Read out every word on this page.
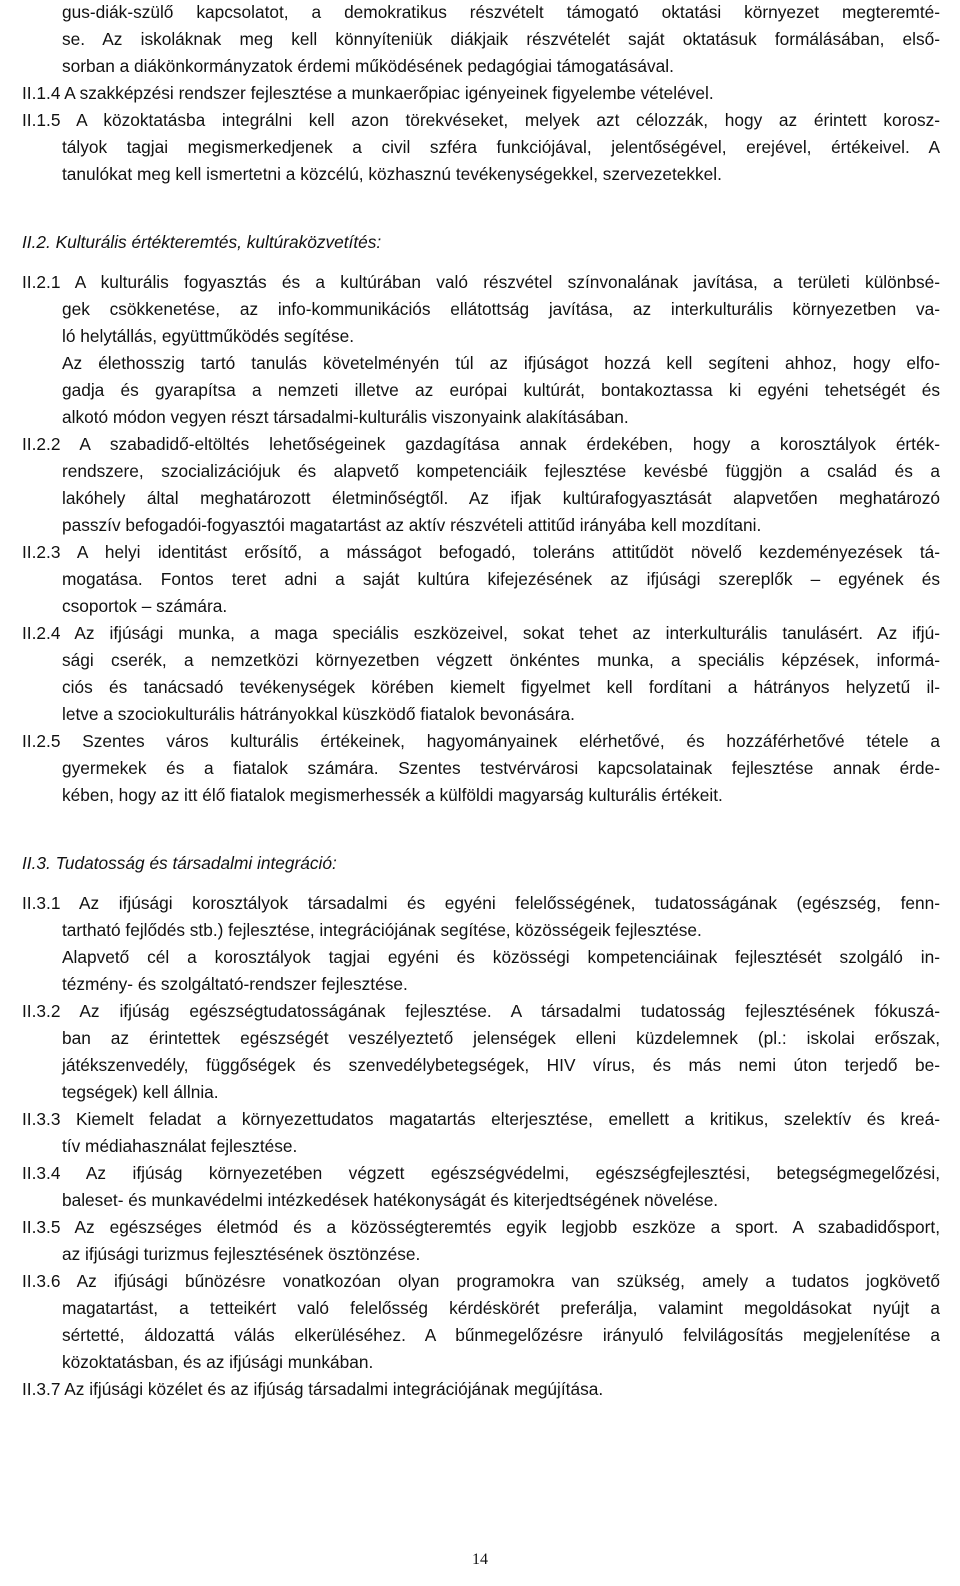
gus-diák-szülő kapcsolatot, a demokratikus részvételt támogató oktatási környezet megteremté-
se. Az iskoláknak meg kell könnyíteniük diákjaik részvételét saját oktatásuk formálásában, első-
sorban a diákönkormányzatok érdemi működésének pedagógiai támogatásával.
II.1.4 A szakképzési rendszer fejlesztése a munkaerőpiac igényeinek figyelembe vételével.
II.1.5 A közoktatásba integrálni kell azon törekvéseket, melyek azt célozzák, hogy az érintett korosz-
tályok tagjai megismerkedjenek a civil szféra funkciójával, jelentőségével, erejével, értékeivel. A
tanulókat meg kell ismertetni a közcélú, közhasznú tevékenységekkel, szervezetekkel.
II.2. Kulturális értékteremtés, kultúraközvetítés:
II.2.1 A kulturális fogyasztás és a kultúrában való részvétel színvonalának javítása, a területi különbsé-
gek csökkenetése, az info-kommunikációs ellátottság javítása, az interkulturális környezetben va-
ló helytállás, együttműködés segítése.
Az élethosszig tartó tanulás követelményén túl az ifjúságot hozzá kell segíteni ahhoz, hogy elfo-
gadja és gyarapítsa a nemzeti illetve az európai kultúrát, bontakoztassa ki egyéni tehetségét és
alkotó módon vegyen részt társadalmi-kulturális viszonyaink alakításában.
II.2.2 A szabadidő-eltöltés lehetőségeinek gazdagítása annak érdekében, hogy a korosztályok érték-
rendszere, szocializációjuk és alapvető kompetenciáik fejlesztése kevésbé függjön a család és a
lakóhely által meghatározott életminőségtől. Az ifjak kultúrafogyasztását alapvetően meghatározó
passzív befogadói-fogyasztói magatartást az aktív részvételi attitűd irányába kell mozdítani.
II.2.3 A helyi identitást erősítő, a másságot befogadó, toleráns attitűdöt növelő kezdeményezések tá-
mogatása. Fontos teret adni a saját kultúra kifejezésének az ifjúsági szereplők – egyének és
csoportok – számára.
II.2.4 Az ifjúsági munka, a maga speciális eszközeivel, sokat tehet az interkulturális tanulásért. Az ifjú-
sági cserék, a nemzetközi környezetben végzett önkéntes munka, a speciális képzések, informá-
ciós és tanácsadó tevékenységek körében kiemelt figyelmet kell fordítani a hátrányos helyzetű il-
letve a szociokulturális hátrányokkal küszködő fiatalok bevonására.
II.2.5 Szentes város kulturális értékeinek, hagyományainek elérhetővé, és hozzáférhetővé tétele a
gyermekek és a fiatalok számára. Szentes testvérvárosi kapcsolatainak fejlesztése annak érde-
kében, hogy az itt élő fiatalok megismerhessék a külföldi magyarság kulturális értékeit.
II.3. Tudatosság és társadalmi integráció:
II.3.1 Az ifjúsági korosztályok társadalmi és egyéni felelősségének, tudatosságának (egészség, fenn-
tartható fejlődés stb.) fejlesztése, integrációjának segítése, közösségeik fejlesztése.
Alapvető cél a korosztályok tagjai egyéni és közösségi kompetenciáinak fejlesztését szolgáló in-
tézmény- és szolgáltató-rendszer fejlesztése.
II.3.2 Az ifjúság egészségtudatosságának fejlesztése. A társadalmi tudatosság fejlesztésének fókuszá-
ban az érintettek egészségét veszélyeztető jelenségek elleni küzdelemnek (pl.: iskolai erőszak,
játékszenvedély, függőségek és szenvedélybetegségek, HIV vírus, és más nemi úton terjedő be-
tegségek) kell állnia.
II.3.3 Kiemelt feladat a környezettudatos magatartás elterjesztése, emellett a kritikus, szelektív és kreá-
tív médiahasználat fejlesztése.
II.3.4 Az ifjúság környezetében végzett egészségvédelmi, egészségfejlesztési, betegségmegelőzési,
baleset- és munkavédelmi intézkedések hatékonyságát és kiterjedtségének növelése.
II.3.5 Az egészséges életmód és a közösségteremtés egyik legjobb eszköze a sport. A szabadidősport,
az ifjúsági turizmus fejlesztésének ösztönzése.
II.3.6 Az ifjúsági bűnözésre vonatkozóan olyan programokra van szükség, amely a tudatos jogkövető
magatartást, a tetteikért való felelősség kérdéskörét preferálja, valamint megoldásokat nyújt a
sértetté, áldozattá válás elkerüléséhez. A bűnmegelőzésre irányuló felvilágosítás megjelenítése a
közoktatásban, és az ifjúsági munkában.
II.3.7 Az ifjúsági közélet és az ifjúság társadalmi integrációjának megújítása.
14
